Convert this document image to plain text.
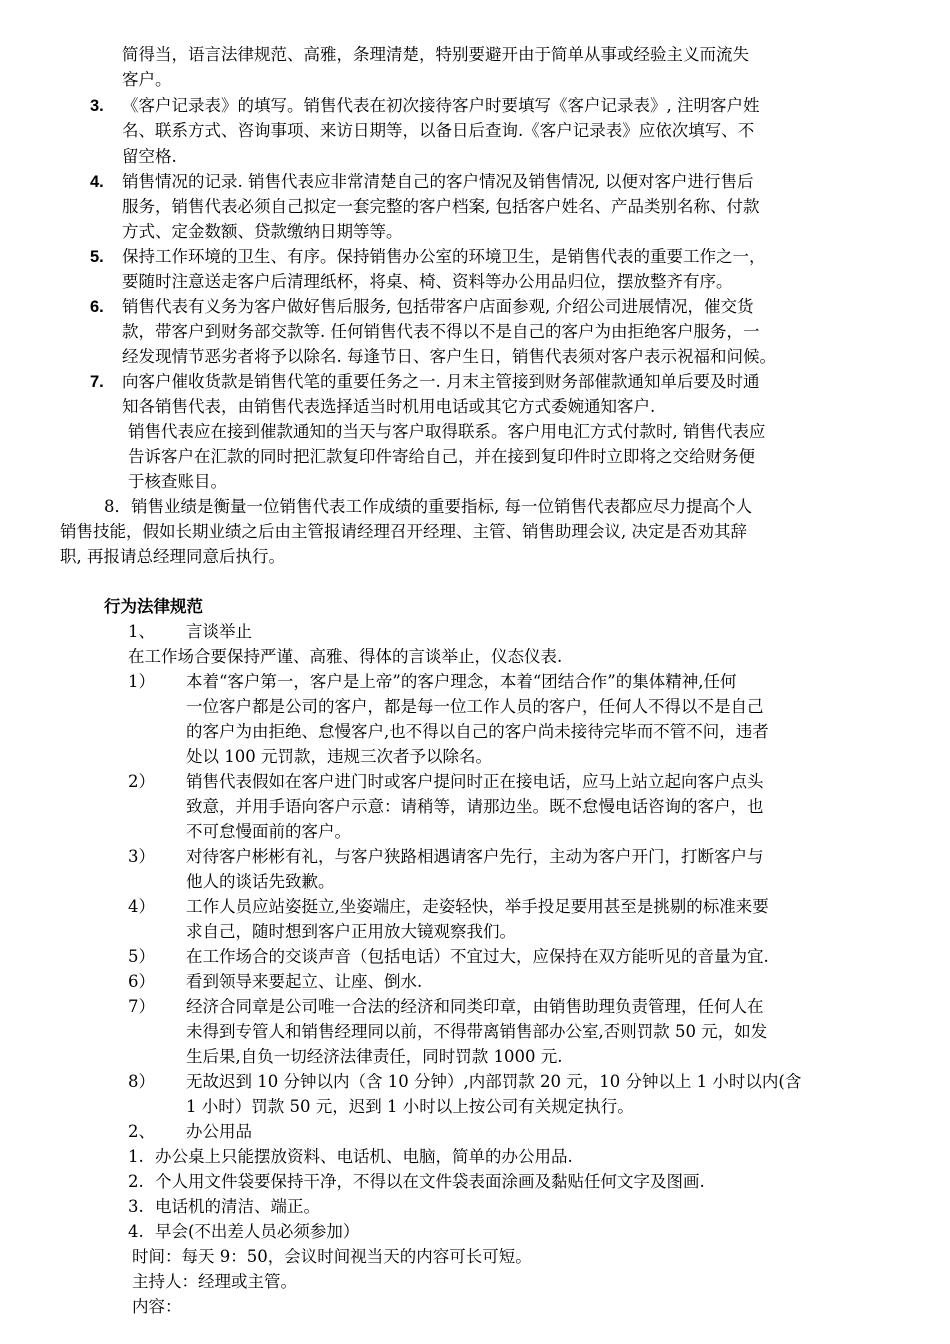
简得当，语言法律规范、高雅，条理清楚，特别要避开由于简单从事或经验主义而流失
客户。
3. 《客户记录表》的填写。销售代表在初次接待客户时要填写《客户记录表》, 注明客户姓
名、联系方式、咨询事项、来访日期等，以备日后查询.《客户记录表》应依次填写、不
留空格.
4. 销售情况的记录. 销售代表应非常清楚自己的客户情况及销售情况, 以便对客户进行售后
服务，销售代表必须自己拟定一套完整的客户档案, 包括客户姓名、产品类别名称、付款
方式、定金数额、贷款缴纳日期等等。
5. 保持工作环境的卫生、有序。保持销售办公室的环境卫生，是销售代表的重要工作之一，
要随时注意送走客户后清理纸杯，将桌、椅、资料等办公用品归位，摆放整齐有序。
6. 销售代表有义务为客户做好售后服务, 包括带客户店面参观, 介绍公司进展情况，催交货
款，带客户到财务部交款等. 任何销售代表不得以不是自己的客户为由拒绝客户服务，一
经发现情节恶劣者将予以除名. 每逢节日、客户生日，销售代表须对客户表示祝福和问候。
7. 向客户催收货款是销售代笔的重要任务之一. 月末主管接到财务部催款通知单后要及时通
知各销售代表，由销售代表选择适当时机用电话或其它方式委婉通知客户.
销售代表应在接到催款通知的当天与客户取得联系。客户用电汇方式付款时, 销售代表应
告诉客户在汇款的同时把汇款复印件寄给自己，并在接到复印件时立即将之交给财务便
于核查账目。
8．销售业绩是衡量一位销售代表工作成绩的重要指标, 每一位销售代表都应尽力提高个人
销售技能，假如长期业绩之后由主管报请经理召开经理、主管、销售助理会议, 决定是否劝其辞
职, 再报请总经理同意后执行。
行为法律规范
1、 言谈举止
在工作场合要保持严谨、高雅、得体的言谈举止，仪态仪表.
1） 本着“客户第一，客户是上帝”的客户理念，本着“团结合作”的集体精神,任何
一位客户都是公司的客户，都是每一位工作人员的客户，任何人不得以不是自己
的客户为由拒绝、怠慢客户,也不得以自己的客户尚未接待完毕而不管不问，违者
处以 100 元罚款，违规三次者予以除名。
2） 销售代表假如在客户进门时或客户提问时正在接电话，应马上站立起向客户点头
致意，并用手语向客户示意：请稍等，请那边坐。既不怠慢电话咨询的客户，也
不可怠慢面前的客户。
3） 对待客户彬彬有礼，与客户狭路相遇请客户先行，主动为客户开门，打断客户与
他人的谈话先致歉。
4） 工作人员应站姿挺立,坐姿端庄，走姿轻快，举手投足要用甚至是挑剔的标准来要
求自己，随时想到客户正用放大镜观察我们。
5） 在工作场合的交谈声音（包括电话）不宜过大，应保持在双方能听见的音量为宜.
6） 看到领导来要起立、让座、倒水.
7） 经济合同章是公司唯一合法的经济和同类印章，由销售助理负责管理，任何人在
未得到专管人和销售经理同以前，不得带离销售部办公室,否则罚款 50 元，如发
生后果,自负一切经济法律责任，同时罚款 1000 元.
8） 无故迟到 10 分钟以内（含 10 分钟）,内部罚款 20 元，10 分钟以上 1 小时以内(含
1 小时）罚款 50 元，迟到 1 小时以上按公司有关规定执行。
2、 办公用品
1. 办公桌上只能摆放资料、电话机、电脑，简单的办公用品.
2. 个人用文件袋要保持干净，不得以在文件袋表面涂画及黏贴任何文字及图画.
3. 电话机的清洁、端正。
4. 早会(不出差人员必须参加）
时间：每天 9：50，会议时间视当天的内容可长可短。
主持人：经理或主管。
内容：
